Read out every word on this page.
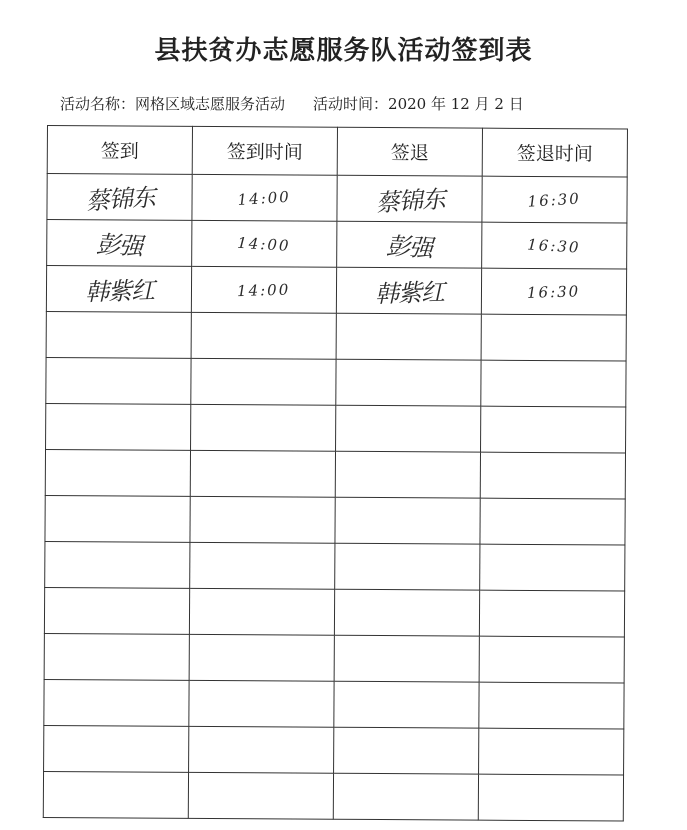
县扶贫办志愿服务队活动签到表
活动名称：网格区域志愿服务活动 活动时间：2020 年 12 月 2 日
签到	签到时间	签退	签退时间
蔡锦东	14:00	蔡锦东	16:30
彭强	14:00	彭强	16:30
韩紫红	14:00	韩紫红	16:30
